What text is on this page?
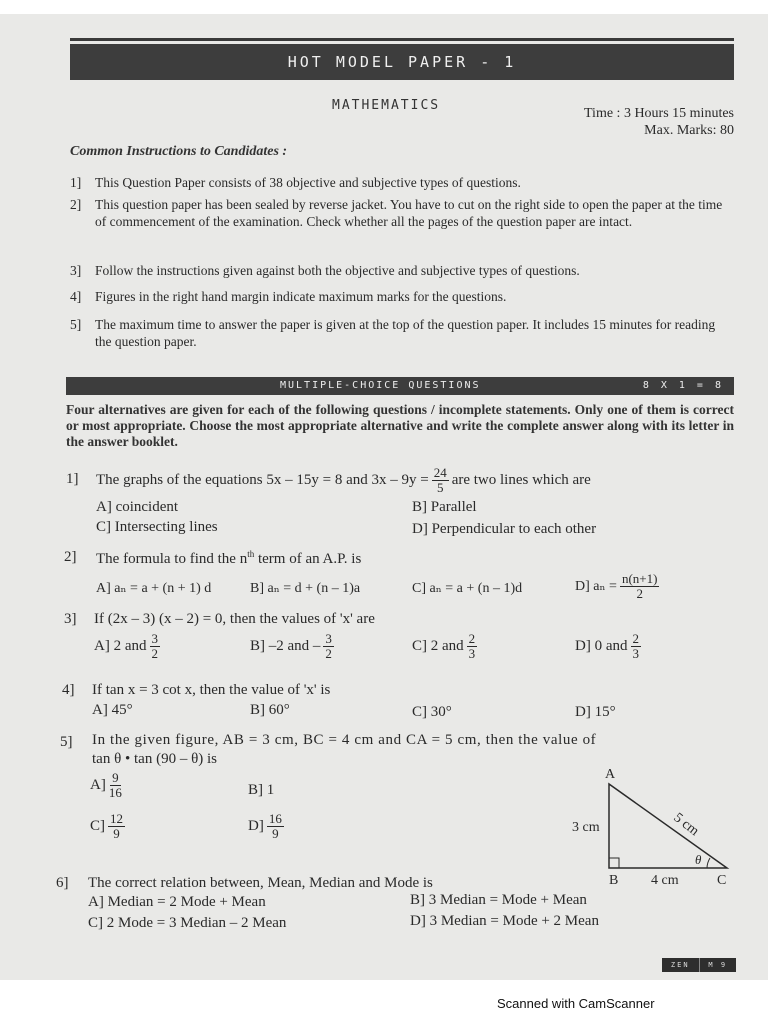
HOT MODEL PAPER - 1
MATHEMATICS
Time : 3 Hours 15 minutes
Max. Marks: 80
Common Instructions to Candidates :
1]	This Question Paper consists of 38 objective and subjective types of questions.
2]	This question paper has been sealed by reverse jacket. You have to cut on the right side to open the paper at the time of commencement of the examination. Check whether all the pages of the question paper are intact.
3]	Follow the instructions given against both the objective and subjective types of questions.
4]	Figures in the right hand margin indicate maximum marks for the questions.
5]	The maximum time to answer the paper is given at the top of the question paper. It includes 15 minutes for reading the question paper.
MULTIPLE-CHOICE QUESTIONS	8 X 1 = 8
Four alternatives are given for each of the following questions / incomplete statements. Only one of them is correct or most appropriate. Choose the most appropriate alternative and write the complete answer along with its letter in the answer booklet.
1] The graphs of the equations 5x – 15y = 8 and $3x - 9y = \frac{24}{5}$ are two lines which are
A] coincident	B] Parallel
C] Intersecting lines	D] Perpendicular to each other
2] The formula to find the $n^{th}$ term of an A.P. is
A] aₙ = a + (n + 1) d	B] aₙ = d + (n – 1)a	C] aₙ = a + (n – 1)d	D] $a_n = \frac{n(n+1)}{2}$
3] If (2x – 3) (x – 2) = 0, then the values of 'x' are
A] 2 and $\frac{3}{2}$	B] –2 and – $\frac{3}{2}$	C] 2 and $\frac{2}{3}$	D] 0 and $\frac{2}{3}$
4] If tan x = 3 cot x, then the value of 'x' is
A] 45°	B] 60°	C] 30°	D] 15°
5] In the given figure, AB = 3 cm, BC = 4 cm and CA = 5 cm, then the value of
tan θ • tan (90 – θ) is
$A] \frac{9}{16}$	B] 1
$C] \frac{12}{9}$	$D] \frac{16}{9}$
A
B	C
3 cm
4 cm
5 cm
θ
6] The correct relation between, Mean, Median and Mode is
A] Median = 2 Mode + Mean	B] 3 Median = Mode + Mean
C] 2 Mode = 3 Median – 2 Mean	D] 3 Median = Mode + 2 Mean
ZEN	M 9
Scanned with CamScanner
